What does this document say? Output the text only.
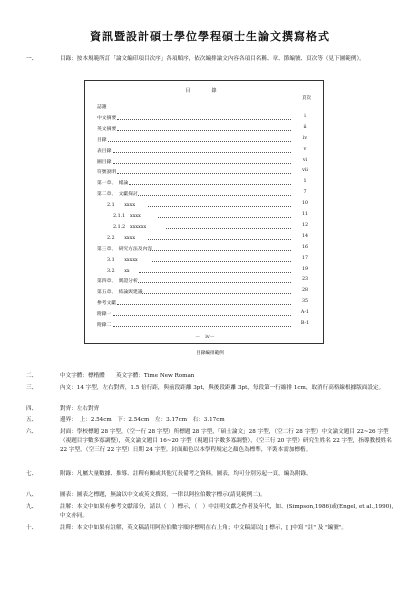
資訊暨設計碩士學位學程碩士生論文撰寫格式
一、	目錄：按本規範所訂「論文編印項目次序」各項順序，依次編排論文內容各項目名稱、章、節編號、頁次等（見下圖範例）。
目　錄
頁次
誌謝
中文摘要	i
英文摘要	ii
目錄	iv
表目錄	v
圖目錄	vi
符號說明	vii
第一章、　緒論	1
第二章、　文獻探討	7
2.1　　xxxx	10
2.1.1　xxxx	11
2.1.2　xxxxxx	12
2.2　　xxxx	14
第三章、　研究方法及內容	16
3.1　　xxxxx	17
3.2　　xx	19
第四章、　實證分析	23
第五章、　結論與建議	28
參考文獻	35
附錄一	A-1
附錄二	B-1
－　iv－
目錄編排範例
二、	中文字體：標楷體　　英文字體：Time New Roman
三、	內文：14 字型，左右對齊，1.5 倍行距，與前段距離 3pt，與後段距離 3pt，每段第一行縮排 1cm，取消行高格線根據版面設定。
四、	對齊：左右對齊
五、	邊界：　上：2.54cm　下：2.54cm　左：3.17cm　右：3.17cm
六、	封面：學校標題 28 字型，（空一行 28 字型）所標題 28 字型，「碩士論文」28 字型，（空二行 28 字型）中文論文題目 22~26 字型（視題目字數多寡調整），英文論文題目 16~20 字型（視題目字數多寡調整），（空三行 20 字型）研究生姓名 22 字型，指導教授姓名 22 字型，（空三行 22 字型）日期 24 字型。封面顏色以本學程規定之顏色為標準，平裝本需加標楷。
七、	附錄：凡屬大量數據、推導、註釋有關或其他冗長備考之資料，圖表，均可分別另起一頁，編為附錄。
八、	圖表：圖表之標題，無論以中文或英文撰寫，一律以阿拉伯數字標示(請見範例二)。
九、	註解：本文中如果有參考文獻部分，請以（　）標示，（　）中註明文獻之作者及年代，如、(Simpson,1986)或(Engel, et al.,1990)，中文亦同。
十、	註釋：本文中如果有註解，英文稿請用阿拉伯數字順序標明在右上角；中文稿請以[ ] 標示，[ ]中寫 "註" 及 "編號"。
